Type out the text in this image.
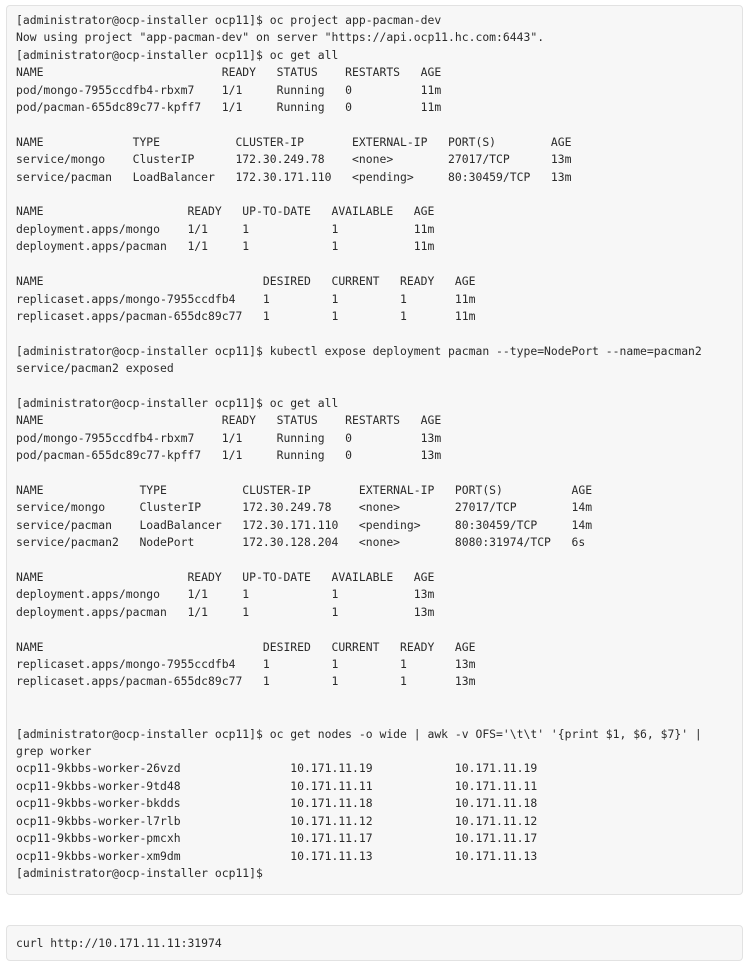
[administrator@ocp-installer ocp11]$ oc project app-pacman-dev
Now using project "app-pacman-dev" on server "https://api.ocp11.hc.com:6443".
[administrator@ocp-installer ocp11]$ oc get all
NAME                          READY   STATUS    RESTARTS   AGE
pod/mongo-7955ccdfb4-rbxm7    1/1     Running   0          11m
pod/pacman-655dc89c77-kpff7   1/1     Running   0          11m

NAME             TYPE           CLUSTER-IP       EXTERNAL-IP   PORT(S)        AGE
service/mongo    ClusterIP      172.30.249.78    <none>        27017/TCP      13m
service/pacman   LoadBalancer   172.30.171.110   <pending>     80:30459/TCP   13m

NAME                     READY   UP-TO-DATE   AVAILABLE   AGE
deployment.apps/mongo    1/1     1            1           11m
deployment.apps/pacman   1/1     1            1           11m

NAME                                DESIRED   CURRENT   READY   AGE
replicaset.apps/mongo-7955ccdfb4    1         1         1       11m
replicaset.apps/pacman-655dc89c77   1         1         1       11m

[administrator@ocp-installer ocp11]$ kubectl expose deployment pacman --type=NodePort --name=pacman2
service/pacman2 exposed

[administrator@ocp-installer ocp11]$ oc get all
NAME                          READY   STATUS    RESTARTS   AGE
pod/mongo-7955ccdfb4-rbxm7    1/1     Running   0          13m
pod/pacman-655dc89c77-kpff7   1/1     Running   0          13m

NAME              TYPE           CLUSTER-IP       EXTERNAL-IP   PORT(S)          AGE
service/mongo     ClusterIP      172.30.249.78    <none>        27017/TCP        14m
service/pacman    LoadBalancer   172.30.171.110   <pending>     80:30459/TCP     14m
service/pacman2   NodePort       172.30.128.204   <none>        8080:31974/TCP   6s

NAME                     READY   UP-TO-DATE   AVAILABLE   AGE
deployment.apps/mongo    1/1     1            1           13m
deployment.apps/pacman   1/1     1            1           13m

NAME                                DESIRED   CURRENT   READY   AGE
replicaset.apps/mongo-7955ccdfb4    1         1         1       13m
replicaset.apps/pacman-655dc89c77   1         1         1       13m

[administrator@ocp-installer ocp11]$ oc get nodes -o wide | awk -v OFS='\t\t' '{print $1, $6, $7}' |
grep worker
ocp11-9kbbs-worker-26vzd                10.171.11.19            10.171.11.19
ocp11-9kbbs-worker-9td48                10.171.11.11            10.171.11.11
ocp11-9kbbs-worker-bkdds                10.171.11.18            10.171.11.18
ocp11-9kbbs-worker-l7rlb                10.171.11.12            10.171.11.12
ocp11-9kbbs-worker-pmcxh                10.171.11.17            10.171.11.17
ocp11-9kbbs-worker-xm9dm                10.171.11.13            10.171.11.13
[administrator@ocp-installer ocp11]$

curl http://10.171.11.11:31974
